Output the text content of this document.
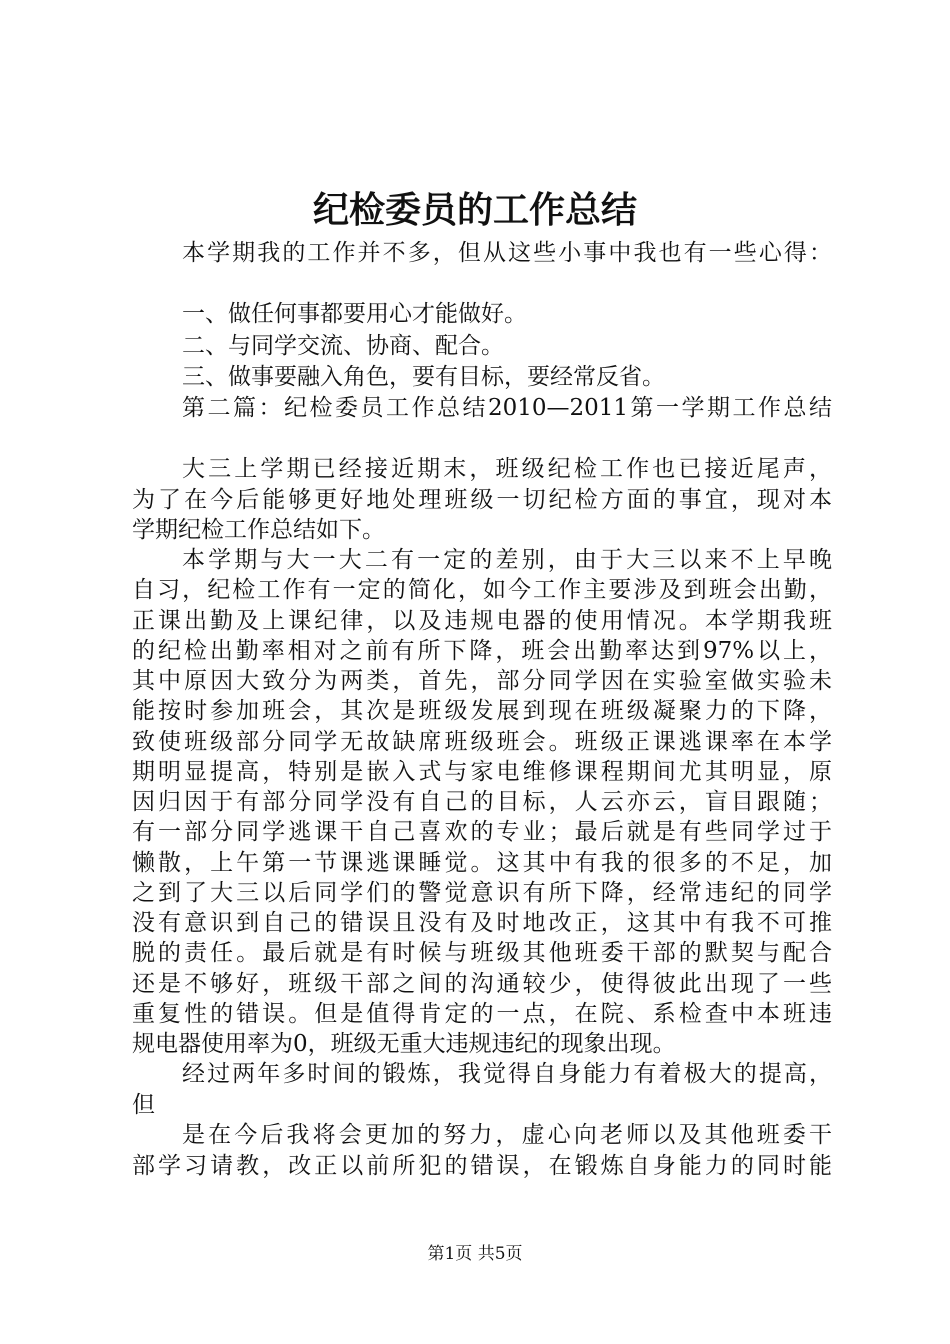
纪检委员的工作总结
本学期我的工作并不多，但从这些小事中我也有一些心得：
一、做任何事都要用心才能做好。
二、与同学交流、协商、配合。
三、做事要融入角色，要有目标，要经常反省。
第二篇：纪检委员工作总结2010—2011第一学期工作总结
大三上学期已经接近期末，班级纪检工作也已接近尾声，
为了在今后能够更好地处理班级一切纪检方面的事宜，现对本
学期纪检工作总结如下。
本学期与大一大二有一定的差别，由于大三以来不上早晚
自习，纪检工作有一定的简化，如今工作主要涉及到班会出勤，
正课出勤及上课纪律，以及违规电器的使用情况。本学期我班
的纪检出勤率相对之前有所下降，班会出勤率达到97%以上，
其中原因大致分为两类，首先，部分同学因在实验室做实验未
能按时参加班会，其次是班级发展到现在班级凝聚力的下降，
致使班级部分同学无故缺席班级班会。班级正课逃课率在本学
期明显提高，特别是嵌入式与家电维修课程期间尤其明显，原
因归因于有部分同学没有自己的目标，人云亦云，盲目跟随；
有一部分同学逃课干自己喜欢的专业；最后就是有些同学过于
懒散，上午第一节课逃课睡觉。这其中有我的很多的不足，加
之到了大三以后同学们的警觉意识有所下降，经常违纪的同学
没有意识到自己的错误且没有及时地改正，这其中有我不可推
脱的责任。最后就是有时候与班级其他班委干部的默契与配合
还是不够好，班级干部之间的沟通较少，使得彼此出现了一些
重复性的错误。但是值得肯定的一点，在院、系检查中本班违
规电器使用率为0，班级无重大违规违纪的现象出现。
经过两年多时间的锻炼，我觉得自身能力有着极大的提高，
但
是在今后我将会更加的努力，虚心向老师以及其他班委干
部学习请教，改正以前所犯的错误，在锻炼自身能力的同时能
第1页 共5页
